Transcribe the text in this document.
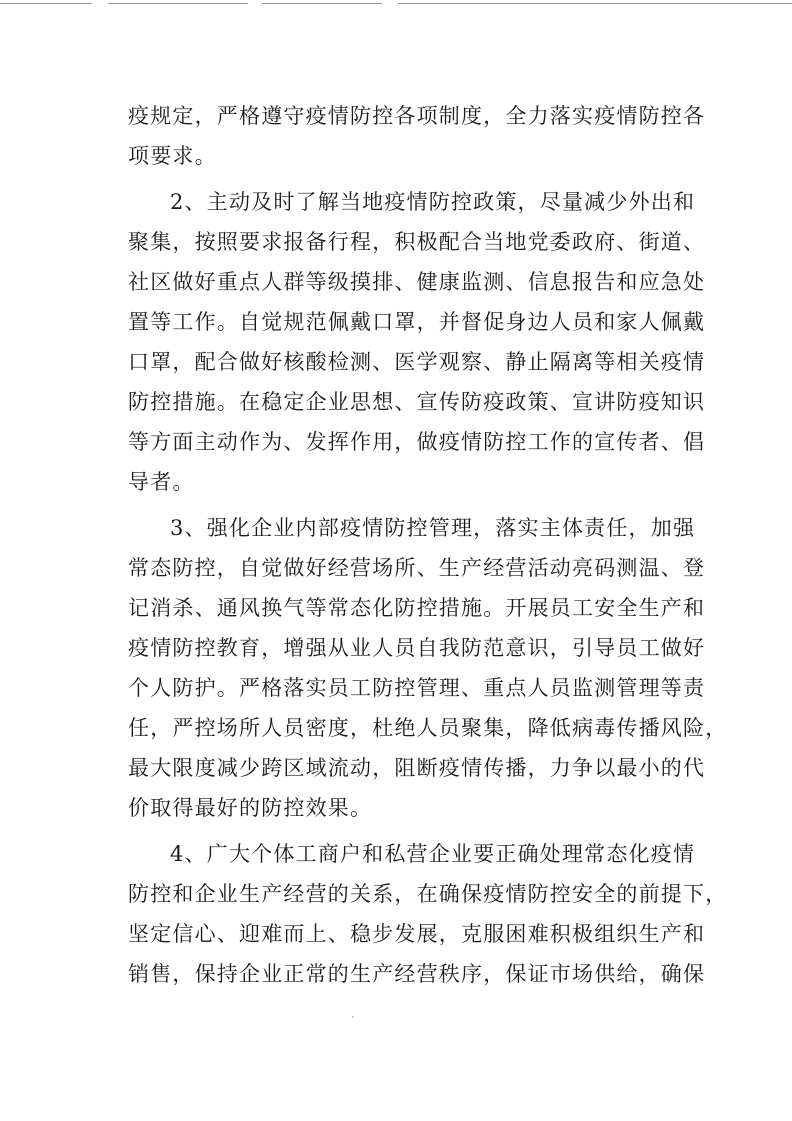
疫规定，严格遵守疫情防控各项制度，全力落实疫情防控各
项要求。
2、主动及时了解当地疫情防控政策，尽量减少外出和
聚集，按照要求报备行程，积极配合当地党委政府、街道、
社区做好重点人群等级摸排、健康监测、信息报告和应急处
置等工作。自觉规范佩戴口罩，并督促身边人员和家人佩戴
口罩，配合做好核酸检测、医学观察、静止隔离等相关疫情
防控措施。在稳定企业思想、宣传防疫政策、宣讲防疫知识
等方面主动作为、发挥作用，做疫情防控工作的宣传者、倡
导者。
3、强化企业内部疫情防控管理，落实主体责任，加强
常态防控，自觉做好经营场所、生产经营活动亮码测温、登
记消杀、通风换气等常态化防控措施。开展员工安全生产和
疫情防控教育，增强从业人员自我防范意识，引导员工做好
个人防护。严格落实员工防控管理、重点人员监测管理等责
任，严控场所人员密度，杜绝人员聚集，降低病毒传播风险，
最大限度减少跨区域流动，阻断疫情传播，力争以最小的代
价取得最好的防控效果。
4、广大个体工商户和私营企业要正确处理常态化疫情
防控和企业生产经营的关系，在确保疫情防控安全的前提下，
坚定信心、迎难而上、稳步发展，克服困难积极组织生产和
销售，保持企业正常的生产经营秩序，保证市场供给，确保
